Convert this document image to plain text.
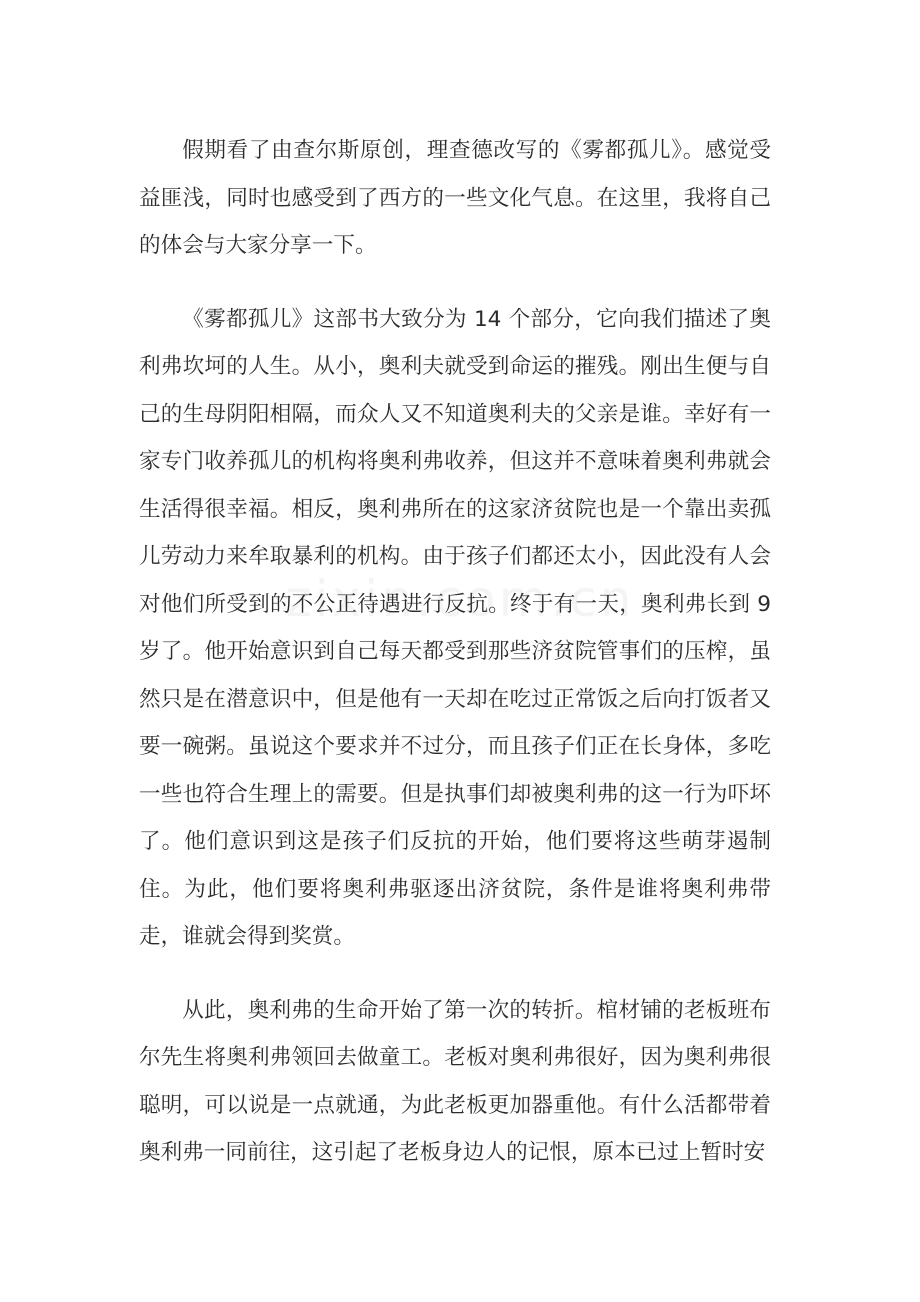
假期看了由查尔斯原创，理查德改写的《雾都孤儿》。感觉受益匪浅，同时也感受到了西方的一些文化气息。在这里，我将自己的体会与大家分享一下。

《雾都孤儿》这部书大致分为 14 个部分，它向我们描述了奥利弗坎坷的人生。从小，奥利夫就受到命运的摧残。刚出生便与自己的生母阴阳相隔，而众人又不知道奥利夫的父亲是谁。幸好有一家专门收养孤儿的机构将奥利弗收养，但这并不意味着奥利弗就会生活得很幸福。相反，奥利弗所在的这家济贫院也是一个靠出卖孤儿劳动力来牟取暴利的机构。由于孩子们都还太小，因此没有人会对他们所受到的不公正待遇进行反抗。终于有一天，奥利弗长到 9 岁了。他开始意识到自己每天都受到那些济贫院管事们的压榨，虽然只是在潜意识中，但是他有一天却在吃过正常饭之后向打饭者又要一碗粥。虽说这个要求并不过分，而且孩子们正在长身体，多吃一些也符合生理上的需要。但是执事们却被奥利弗的这一行为吓坏了。他们意识到这是孩子们反抗的开始，他们要将这些萌芽遏制住。为此，他们要将奥利弗驱逐出济贫院，条件是谁将奥利弗带走，谁就会得到奖赏。

从此，奥利弗的生命开始了第一次的转折。棺材铺的老板班布尔先生将奥利弗领回去做童工。老板对奥利弗很好，因为奥利弗很聪明，可以说是一点就通，为此老板更加器重他。有什么活都带着奥利弗一同前往，这引起了老板身边人的记恨，原本已过上暂时安
